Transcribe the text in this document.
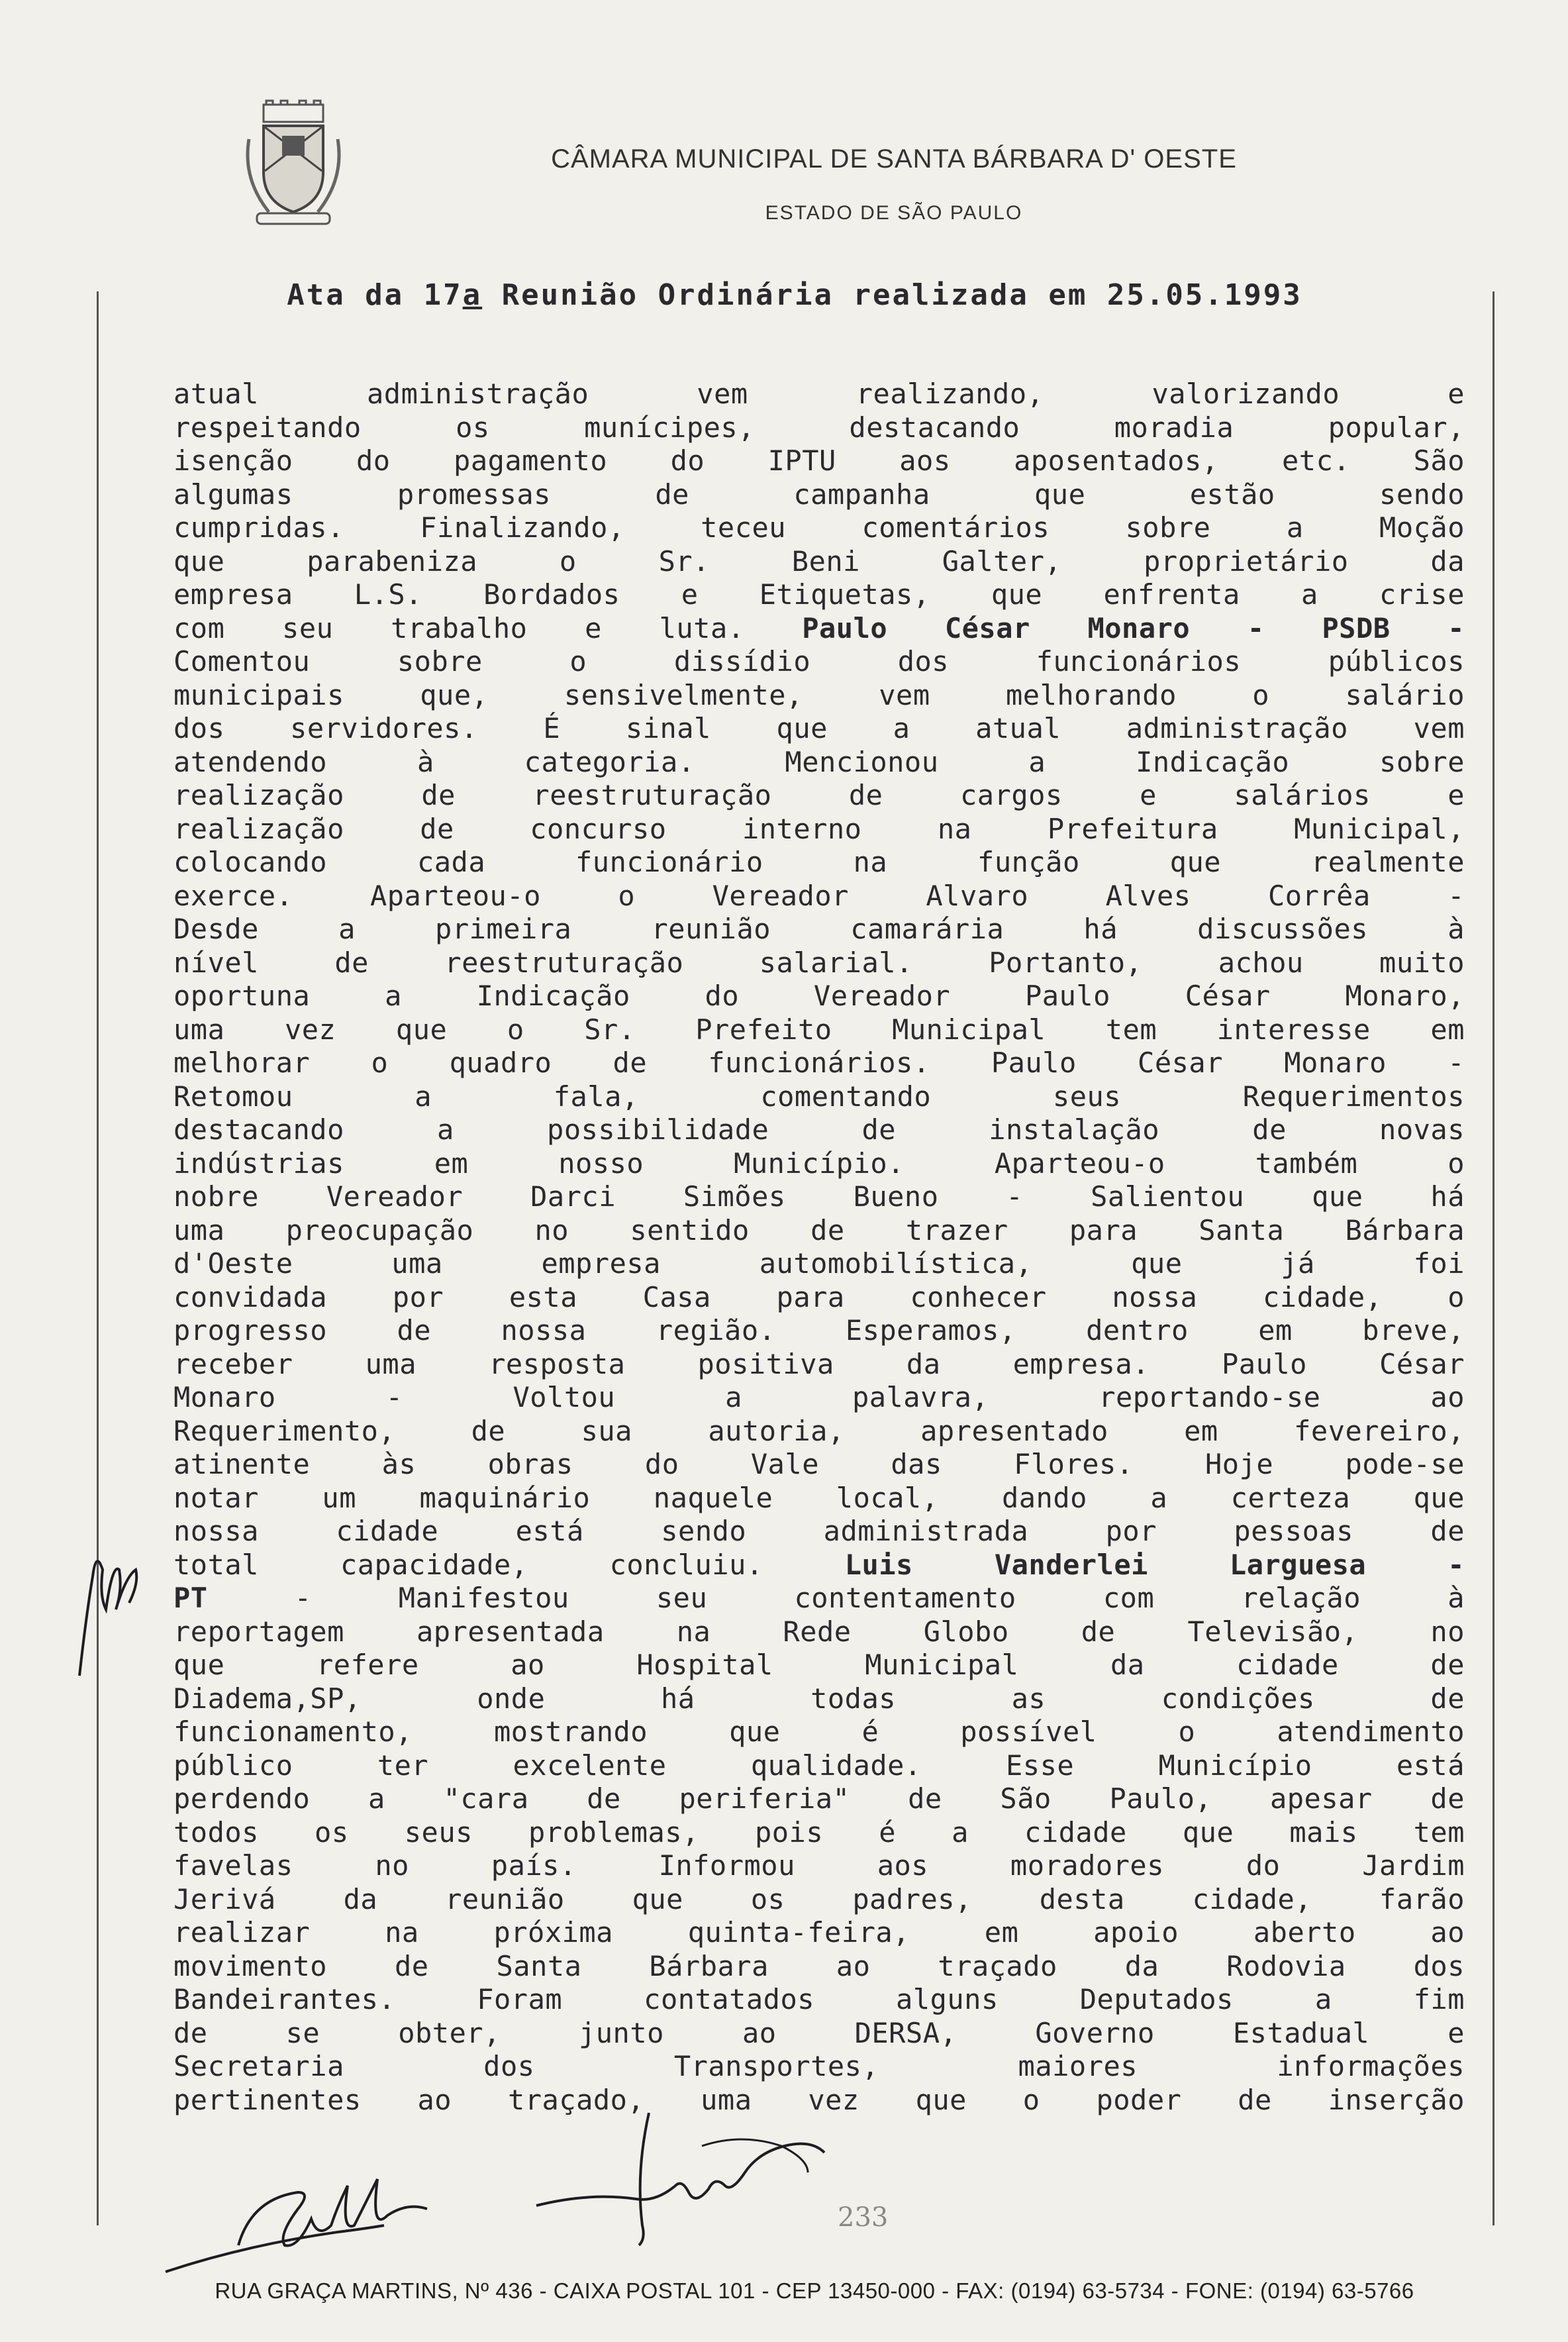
CÂMARA MUNICIPAL DE SANTA BÁRBARA D' OESTE
ESTADO DE SÃO PAULO
Ata da 17a Reunião Ordinária realizada em 25.05.1993
atual administração vem realizando, valorizando e
respeitando os munícipes, destacando moradia popular,
isenção do pagamento do IPTU aos aposentados, etc. São
algumas promessas de campanha que estão sendo
cumpridas. Finalizando, teceu comentários sobre a Moção
que parabeniza o Sr. Beni Galter, proprietário da
empresa L.S. Bordados e Etiquetas, que enfrenta a crise
com seu trabalho e luta. Paulo César Monaro - PSDB -
Comentou sobre o dissídio dos funcionários públicos
municipais que, sensivelmente, vem melhorando o salário
dos servidores. É sinal que a atual administração vem
atendendo à categoria. Mencionou a Indicação sobre
realização de reestruturação de cargos e salários e
realização de concurso interno na Prefeitura Municipal,
colocando cada funcionário na função que realmente
exerce. Aparteou-o o Vereador Alvaro Alves Corrêa -
Desde a primeira reunião camarária há discussões à
nível de reestruturação salarial. Portanto, achou muito
oportuna a Indicação do Vereador Paulo César Monaro,
uma vez que o Sr. Prefeito Municipal tem interesse em
melhorar o quadro de funcionários. Paulo César Monaro -
Retomou a fala, comentando seus Requerimentos
destacando a possibilidade de instalação de novas
indústrias em nosso Município. Aparteou-o também o
nobre Vereador Darci Simões Bueno - Salientou que há
uma preocupação no sentido de trazer para Santa Bárbara
d'Oeste uma empresa automobilística, que já foi
convidada por esta Casa para conhecer nossa cidade, o
progresso de nossa região. Esperamos, dentro em breve,
receber uma resposta positiva da empresa. Paulo César
Monaro - Voltou a palavra, reportando-se ao
Requerimento, de sua autoria, apresentado em fevereiro,
atinente às obras do Vale das Flores. Hoje pode-se
notar um maquinário naquele local, dando a certeza que
nossa cidade está sendo administrada por pessoas de
total capacidade, concluiu. Luis Vanderlei Larguesa -
PT - Manifestou seu contentamento com relação à
reportagem apresentada na Rede Globo de Televisão, no
que refere ao Hospital Municipal da cidade de
Diadema,SP, onde há todas as condições de
funcionamento, mostrando que é possível o atendimento
público ter excelente qualidade. Esse Município está
perdendo a "cara de periferia" de São Paulo, apesar de
todos os seus problemas, pois é a cidade que mais tem
favelas no país. Informou aos moradores do Jardim
Jerivá da reunião que os padres, desta cidade, farão
realizar na próxima quinta-feira, em apoio aberto ao
movimento de Santa Bárbara ao traçado da Rodovia dos
Bandeirantes. Foram contatados alguns Deputados a fim
de se obter, junto ao DERSA, Governo Estadual e
Secretaria dos Transportes, maiores informações
pertinentes ao traçado, uma vez que o poder de inserção
233
RUA GRAÇA MARTINS, Nº 436 - CAIXA POSTAL 101 - CEP 13450-000 - FAX: (0194) 63-5734 - FONE: (0194) 63-5766
